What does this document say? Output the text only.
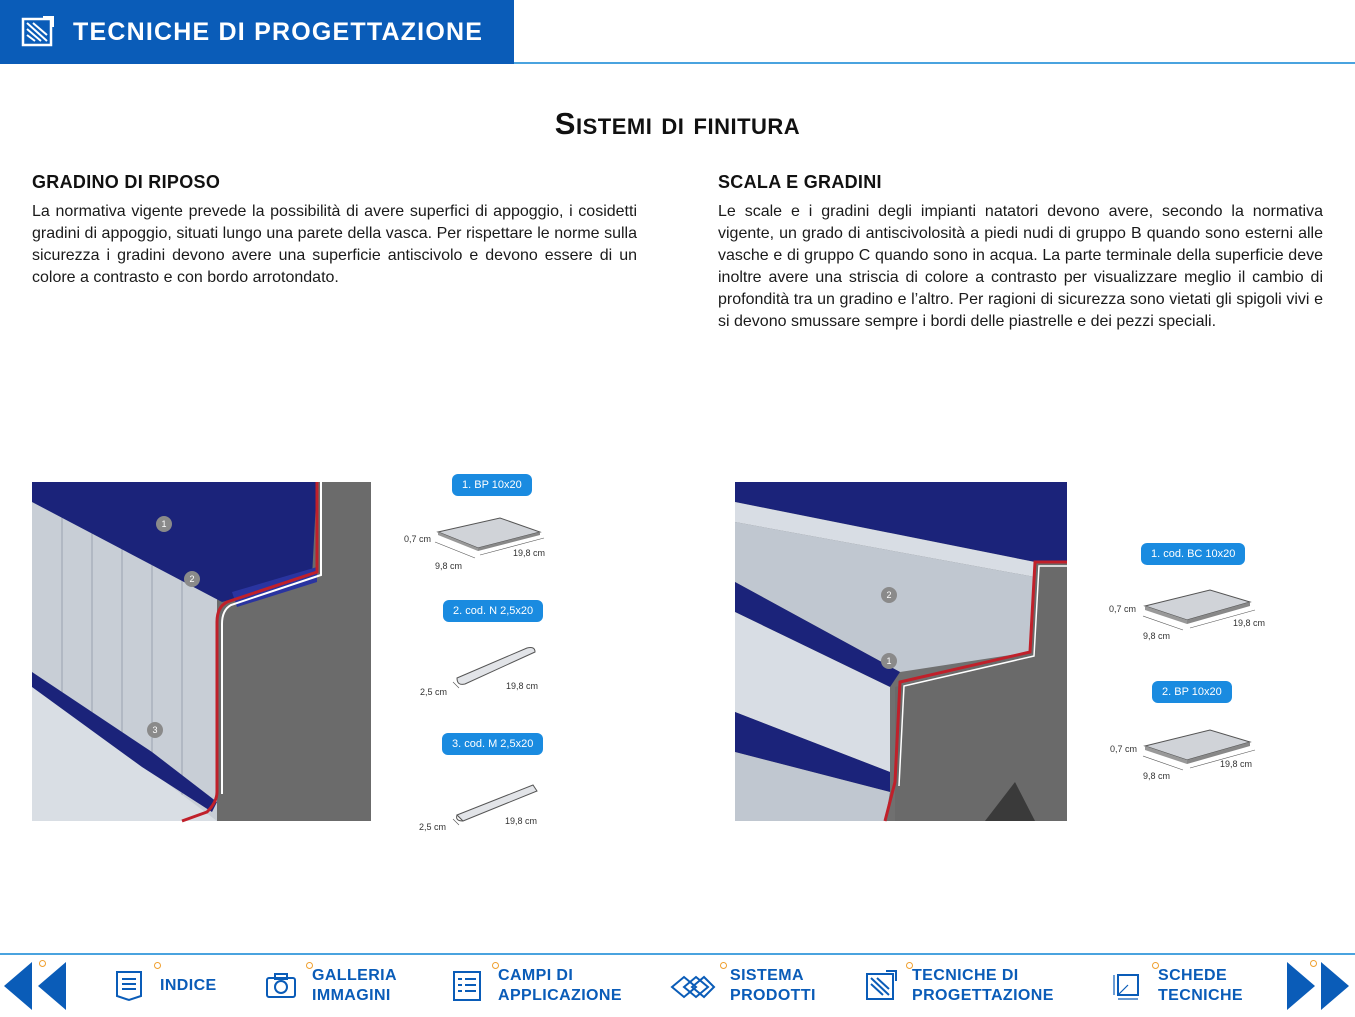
TECNICHE DI PROGETTAZIONE
Sistemi di finitura
GRADINO DI RIPOSO
La normativa vigente prevede la possibilità di avere superfici di appoggio, i cosidetti gradini di appoggio, situati lungo una parete della vasca. Per rispettare le norme sulla sicurezza i gradini devono avere una superficie antiscivolo e devono essere di un colore a contrasto e con bordo arrotondato.
SCALA E GRADINI
Le scale e i gradini degli impianti natatori devono avere, secondo la normativa vigente, un grado di antiscivolosità a piedi nudi di gruppo B quando sono esterni alle vasche e di gruppo C quando sono in acqua. La parte terminale della superficie deve inoltre avere una striscia di colore a contrasto per visualizzare meglio il cambio di profondità tra un gradino e l’altro. Per ragioni di sicurezza sono vietati gli spigoli vivi e si devono smussare sempre i bordi delle piastrelle e dei pezzi speciali.
1
2
3
1. BP 10x20
0,7 cm
9,8 cm
19,8 cm
2. cod. N 2,5x20
2,5 cm
19,8 cm
3. cod. M 2,5x20
2,5 cm
19,8 cm
2
1
1. cod. BC 10x20
0,7 cm
9,8 cm
19,8 cm
2. BP 10x20
0,7 cm
9,8 cm
19,8 cm
previous
INDICE
GALLERIA
IMMAGINI
CAMPI DI
APPLICAZIONE
SISTEMA
PRODOTTI
TECNICHE DI
PROGETTAZIONE
SCHEDE
TECNICHE
next
